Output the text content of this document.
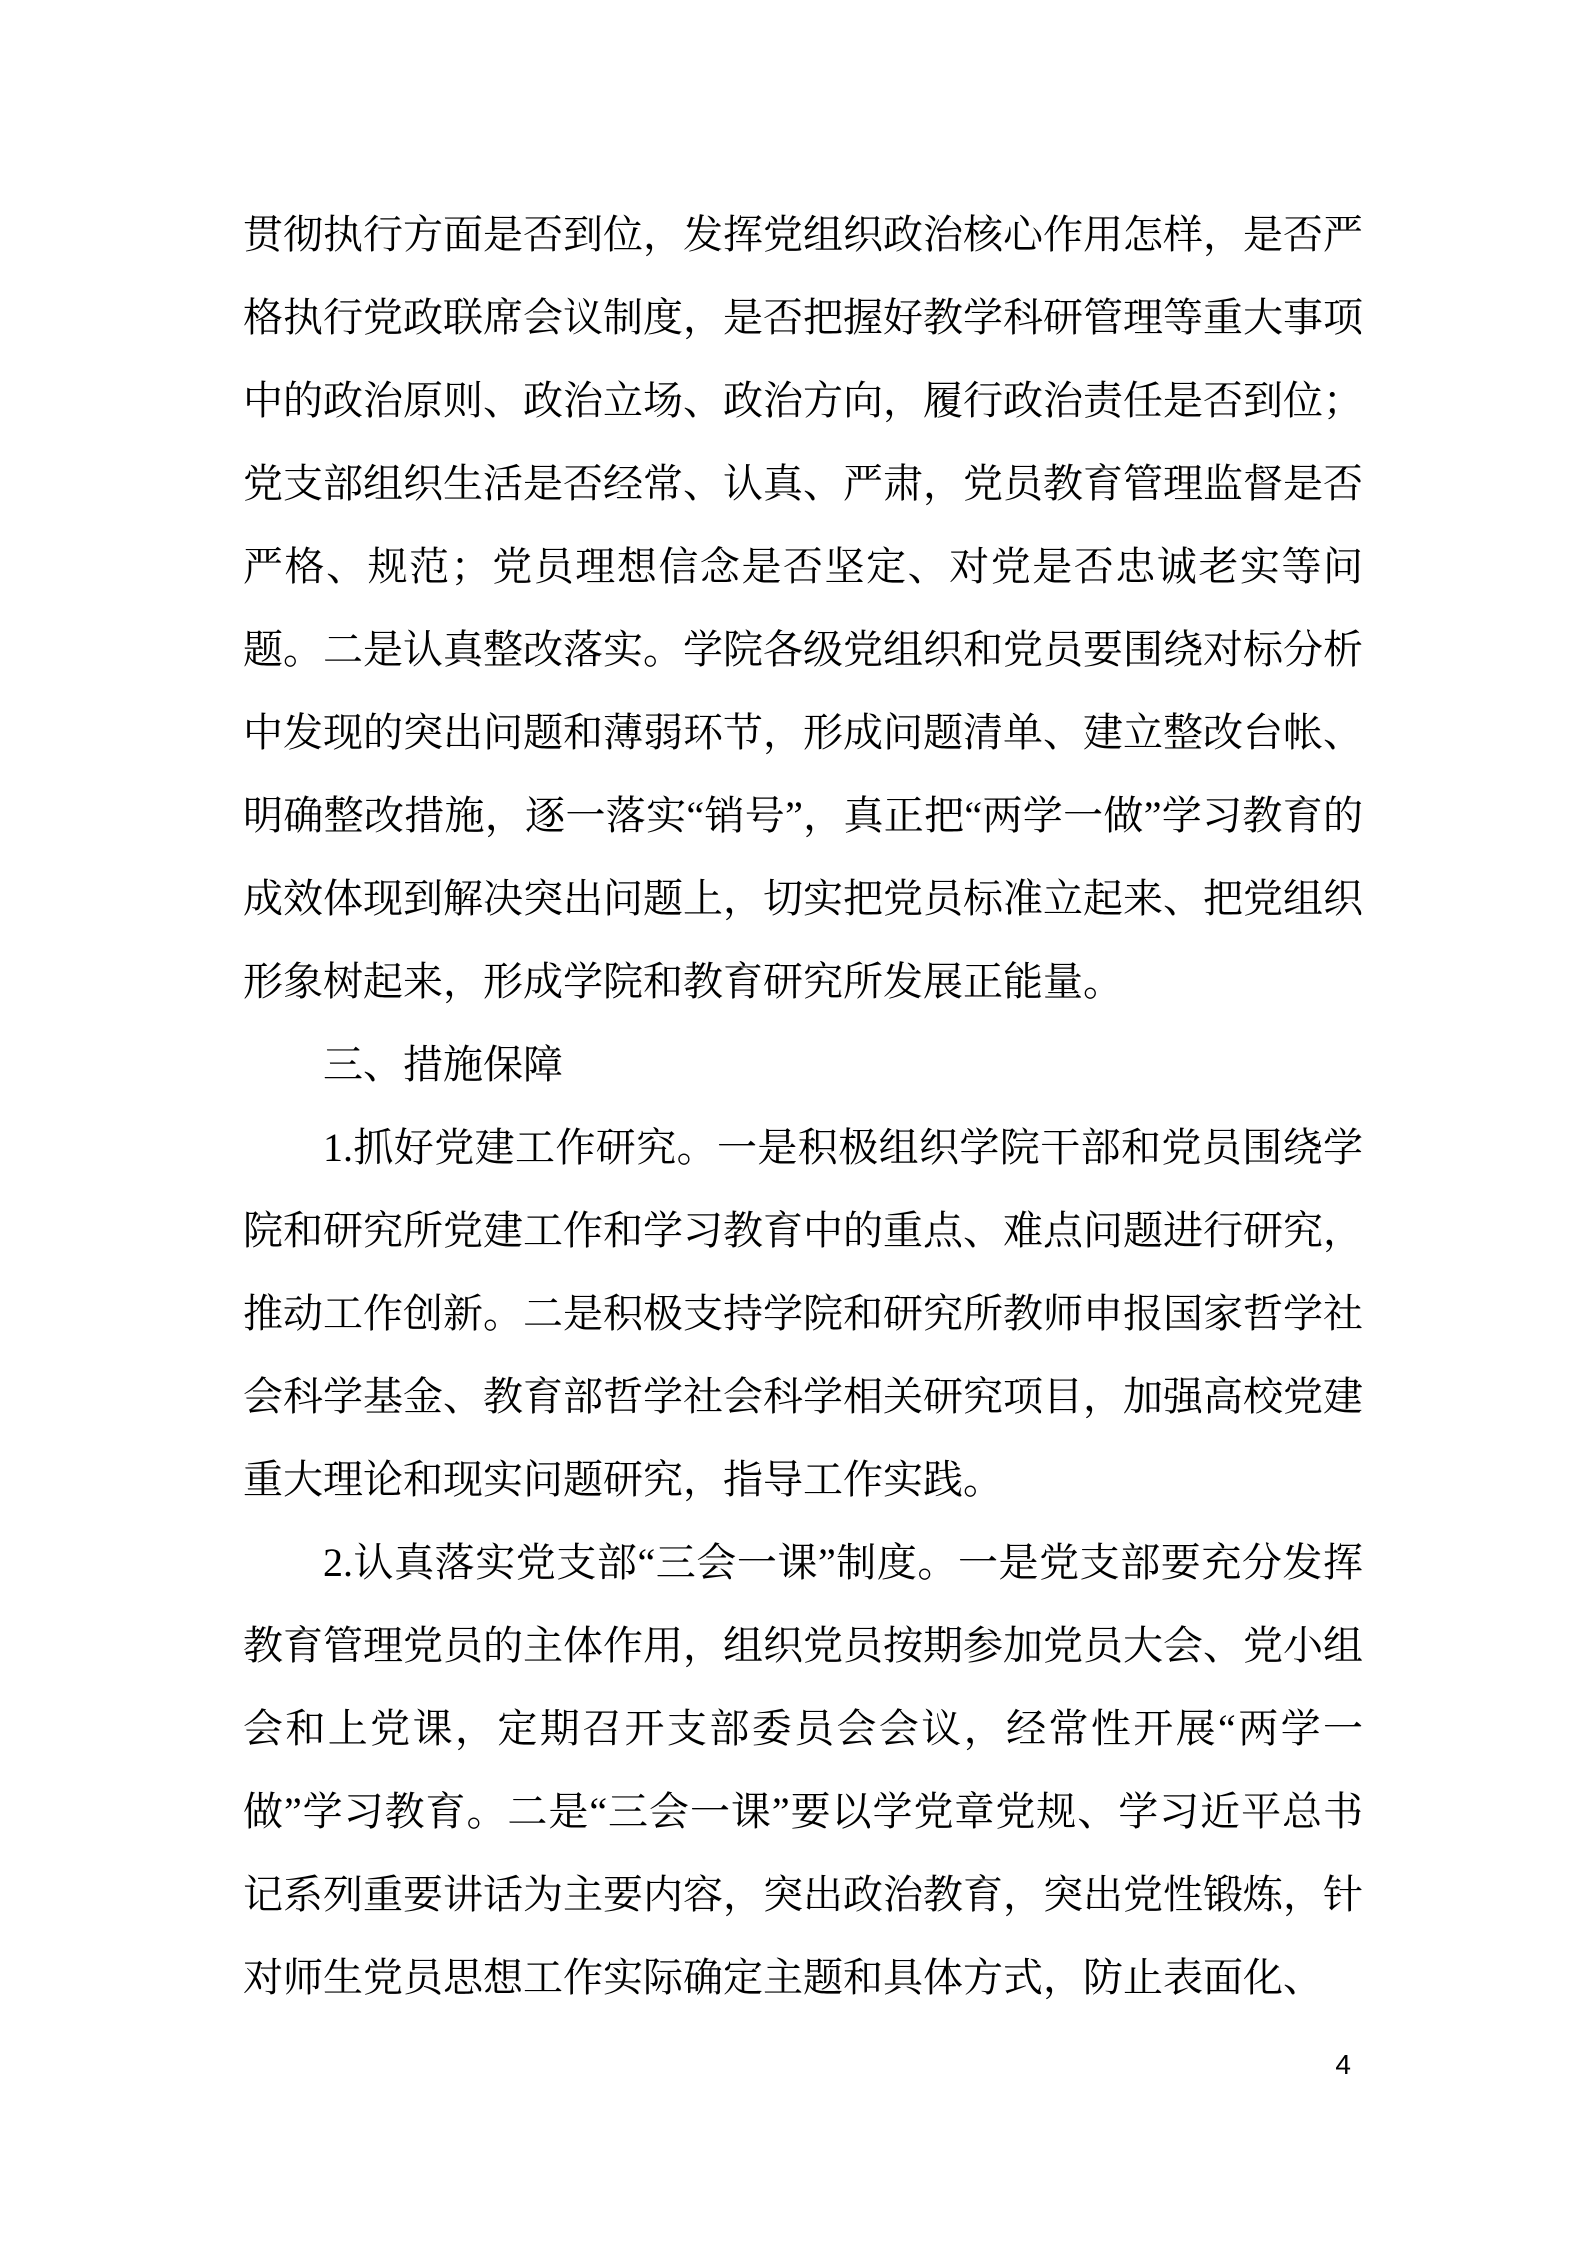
贯彻执行方面是否到位，发挥党组织政治核心作用怎样，是否严格执行党政联席会议制度，是否把握好教学科研管理等重大事项中的政治原则、政治立场、政治方向，履行政治责任是否到位；党支部组织生活是否经常、认真、严肃，党员教育管理监督是否严格、规范；党员理想信念是否坚定、对党是否忠诚老实等问题。二是认真整改落实。学院各级党组织和党员要围绕对标分析中发现的突出问题和薄弱环节，形成问题清单、建立整改台帐、明确整改措施，逐一落实“销号”，真正把“两学一做”学习教育的成效体现到解决突出问题上，切实把党员标准立起来、把党组织形象树起来，形成学院和教育研究所发展正能量。

三、措施保障

1.抓好党建工作研究。一是积极组织学院干部和党员围绕学院和研究所党建工作和学习教育中的重点、难点问题进行研究，推动工作创新。二是积极支持学院和研究所教师申报国家哲学社会科学基金、教育部哲学社会科学相关研究项目，加强高校党建重大理论和现实问题研究，指导工作实践。

2.认真落实党支部“三会一课”制度。一是党支部要充分发挥教育管理党员的主体作用，组织党员按期参加党员大会、党小组会和上党课，定期召开支部委员会会议，经常性开展“两学一做”学习教育。二是“三会一课”要以学党章党规、学习近平总书记系列重要讲话为主要内容，突出政治教育，突出党性锻炼，针对师生党员思想工作实际确定主题和具体方式，防止表面化、

4
